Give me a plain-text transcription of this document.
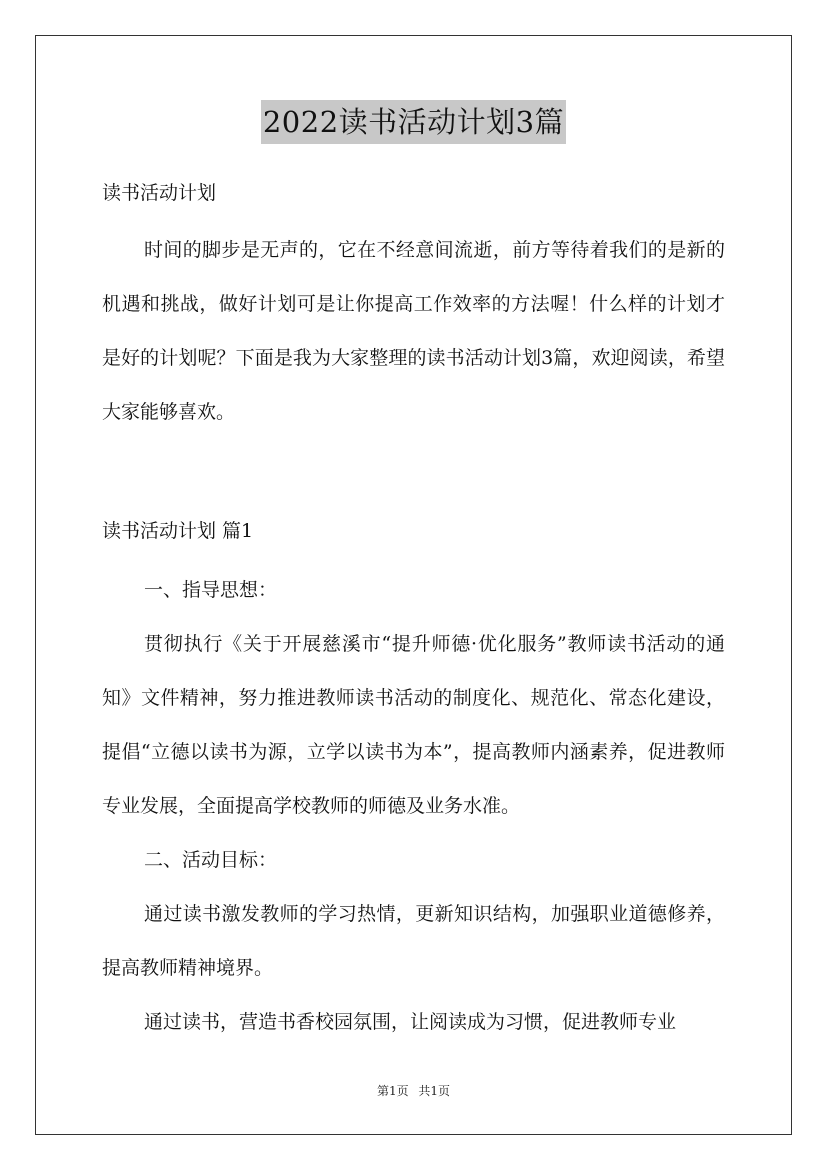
2022读书活动计划3篇

读书活动计划

时间的脚步是无声的，它在不经意间流逝，前方等待着我们的是新的机遇和挑战，做好计划可是让你提高工作效率的方法喔！什么样的计划才是好的计划呢？下面是我为大家整理的读书活动计划3篇，欢迎阅读，希望大家能够喜欢。

读书活动计划 篇1

一、指导思想：

贯彻执行《关于开展慈溪市“提升师德·优化服务”教师读书活动的通知》文件精神，努力推进教师读书活动的制度化、规范化、常态化建设，提倡“立德以读书为源，立学以读书为本”，提高教师内涵素养，促进教师专业发展，全面提高学校教师的师德及业务水准。

二、活动目标：

通过读书激发教师的学习热情，更新知识结构，加强职业道德修养，提高教师精神境界。

通过读书，营造书香校园氛围，让阅读成为习惯，促进教师专业

第1页 共1页
